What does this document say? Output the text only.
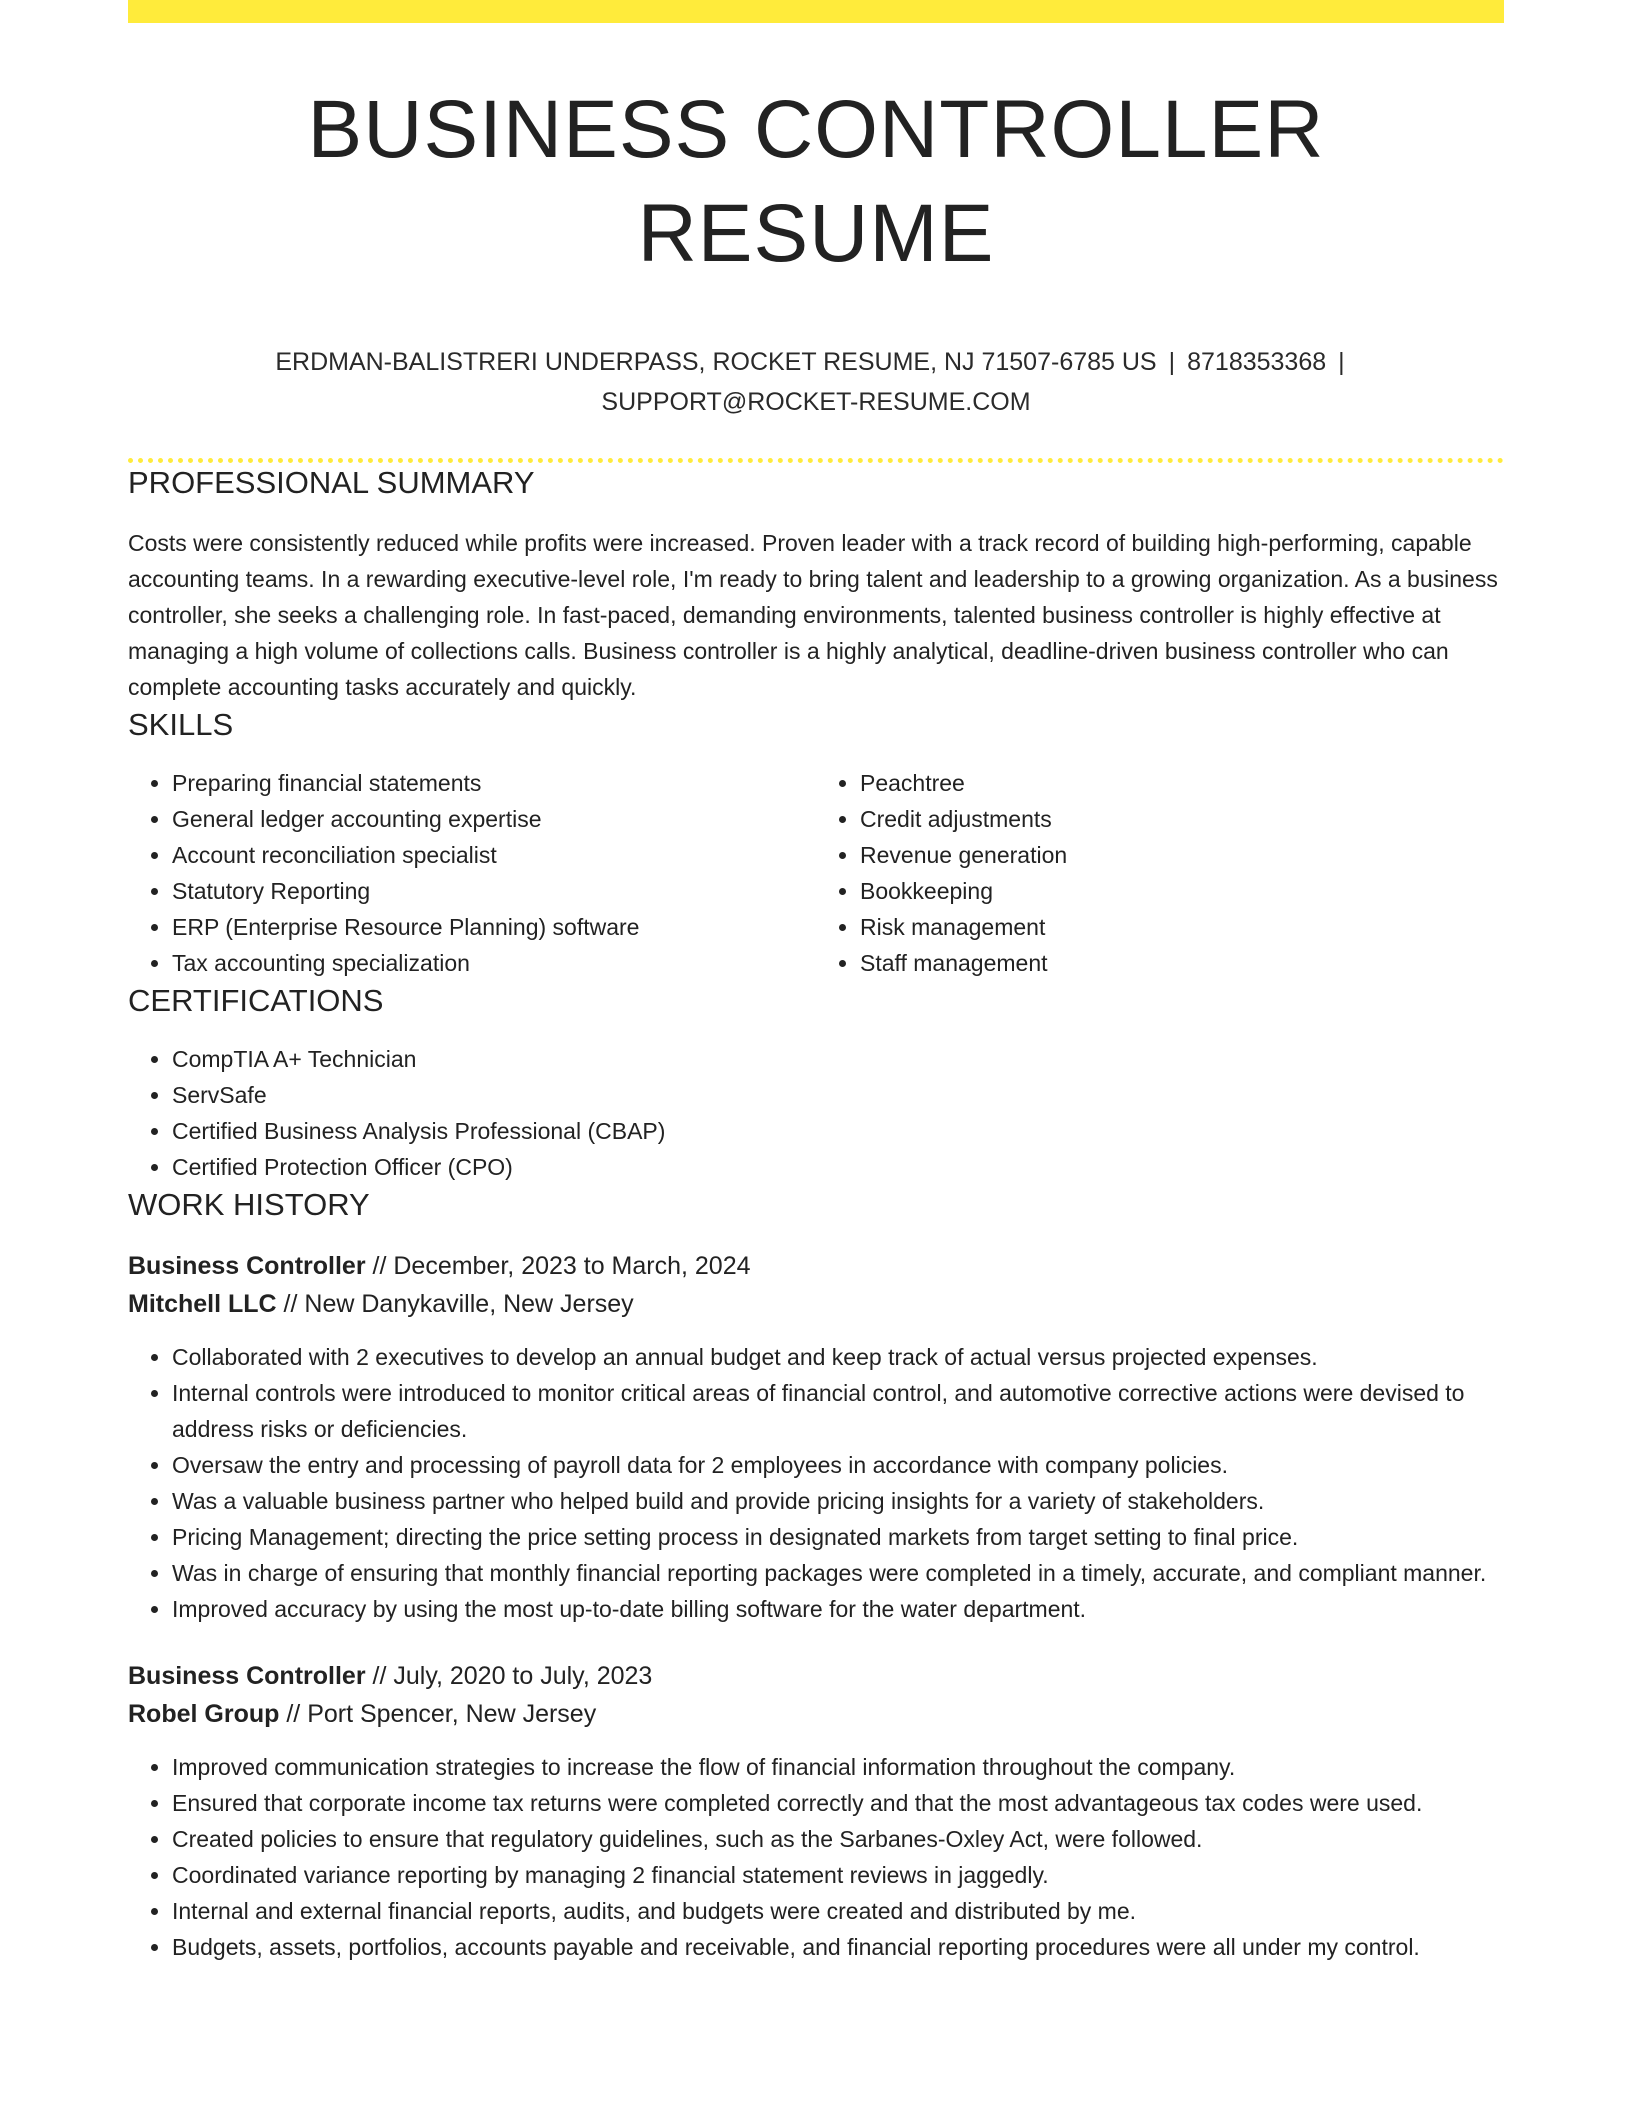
BUSINESS CONTROLLER RESUME
ERDMAN-BALISTRERI UNDERPASS, ROCKET RESUME, NJ 71507-6785 US | 8718353368 |
SUPPORT@ROCKET-RESUME.COM
PROFESSIONAL SUMMARY

Costs were consistently reduced while profits were increased. Proven leader with a track record of building high-performing, capable accounting teams. In a rewarding executive-level role, I'm ready to bring talent and leadership to a growing organization. As a business controller, she seeks a challenging role. In fast-paced, demanding environments, talented business controller is highly effective at managing a high volume of collections calls. Business controller is a highly analytical, deadline-driven business controller who can complete accounting tasks accurately and quickly.

SKILLS
• Preparing financial statements
• General ledger accounting expertise
• Account reconciliation specialist
• Statutory Reporting
• ERP (Enterprise Resource Planning) software
• Tax accounting specialization
• Peachtree
• Credit adjustments
• Revenue generation
• Bookkeeping
• Risk management
• Staff management
CERTIFICATIONS
• CompTIA A+ Technician
• ServSafe
• Certified Business Analysis Professional (CBAP)
• Certified Protection Officer (CPO)
WORK HISTORY
Business Controller // December, 2023 to March, 2024
Mitchell LLC // New Danykaville, New Jersey
• Collaborated with 2 executives to develop an annual budget and keep track of actual versus projected expenses.
• Internal controls were introduced to monitor critical areas of financial control, and automotive corrective actions were devised to address risks or deficiencies.
• Oversaw the entry and processing of payroll data for 2 employees in accordance with company policies.
• Was a valuable business partner who helped build and provide pricing insights for a variety of stakeholders.
• Pricing Management; directing the price setting process in designated markets from target setting to final price.
• Was in charge of ensuring that monthly financial reporting packages were completed in a timely, accurate, and compliant manner.
• Improved accuracy by using the most up-to-date billing software for the water department.
Business Controller // July, 2020 to July, 2023
Robel Group // Port Spencer, New Jersey
• Improved communication strategies to increase the flow of financial information throughout the company.
• Ensured that corporate income tax returns were completed correctly and that the most advantageous tax codes were used.
• Created policies to ensure that regulatory guidelines, such as the Sarbanes-Oxley Act, were followed.
• Coordinated variance reporting by managing 2 financial statement reviews in jaggedly.
• Internal and external financial reports, audits, and budgets were created and distributed by me.
• Budgets, assets, portfolios, accounts payable and receivable, and financial reporting procedures were all under my control.
